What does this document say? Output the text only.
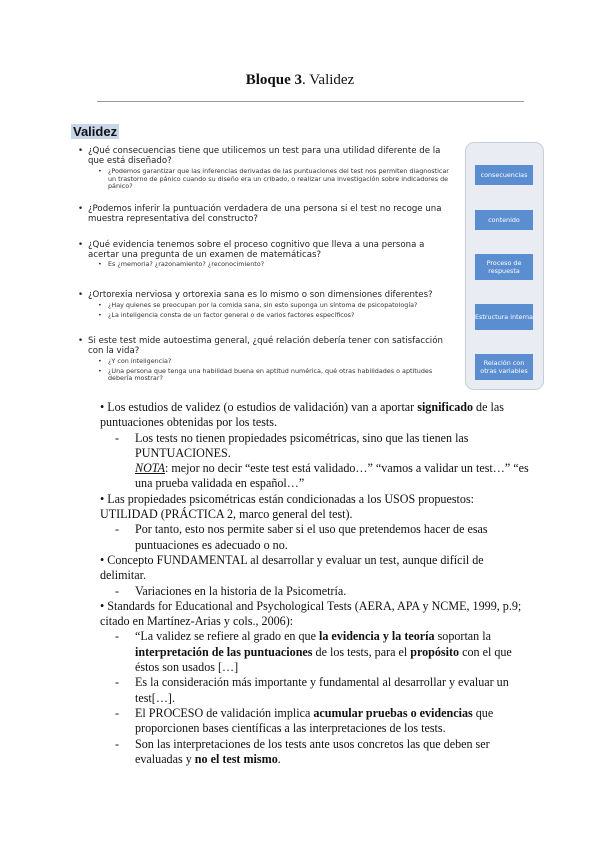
Bloque 3. Validez
Validez
• ¿Qué consecuencias tiene que utilicemos un test para una utilidad diferente de la que está diseñado?
• ¿Podemos garantizar que las inferencias derivadas de las puntuaciones del test nos permiten diagnosticar un trastorno de pánico cuando su diseño era un cribado, o realizar una investigación sobre indicadores de pánico?
• ¿Podemos inferir la puntuación verdadera de una persona si el test no recoge una muestra representativa del constructo?
• ¿Qué evidencia tenemos sobre el proceso cognitivo que lleva a una persona a acertar una pregunta de un examen de matemáticas?
• Es ¿memoria? ¿razonamiento? ¿reconocimiento?
• ¿Ortorexia nerviosa y ortorexia sana es lo mismo o son dimensiones diferentes?
• ¿Hay quienes se preocupan por la comida sana, sin esto suponga un síntoma de psicopatología?
• ¿La inteligencia consta de un factor general o de varios factores específicos?
• Si este test mide autoestima general, ¿qué relación debería tener con satisfacción con la vida?
• ¿Y con inteligencia?
• ¿Una persona que tenga una habilidad buena en aptitud numérica, qué otras habilidades o aptitudes debería mostrar?
consecuencias
contenido
Proceso de respuesta
Estructura interna
Relación con otras variables

• Los estudios de validez (o estudios de validación) van a aportar significado de las puntuaciones obtenidas por los tests.

- Los tests no tienen propiedades psicométricas, sino que las tienen las PUNTUACIONES.

NOTA: mejor no decir “este test está validado…” “vamos a validar un test…” “es una prueba validada en español…”

• Las propiedades psicométricas están condicionadas a los USOS propuestos: UTILIDAD (PRÁCTICA 2, marco general del test).

- Por tanto, esto nos permite saber si el uso que pretendemos hacer de esas puntuaciones es adecuado o no.

• Concepto FUNDAMENTAL al desarrollar y evaluar un test, aunque difícil de delimitar.

- Variaciones en la historia de la Psicometría.

• Standards for Educational and Psychological Tests (AERA, APA y NCME, 1999, p.9; citado en Martínez-Arias y cols., 2006):

- “La validez se refiere al grado en que la evidencia y la teoría soportan la interpretación de las puntuaciones de los tests, para el propósito con el que éstos son usados […]

- Es la consideración más importante y fundamental al desarrollar y evaluar un test[…].

- El PROCESO de validación implica acumular pruebas o evidencias que proporcionen bases científicas a las interpretaciones de los tests.

- Son las interpretaciones de los tests ante usos concretos las que deben ser evaluadas y no el test mismo.
